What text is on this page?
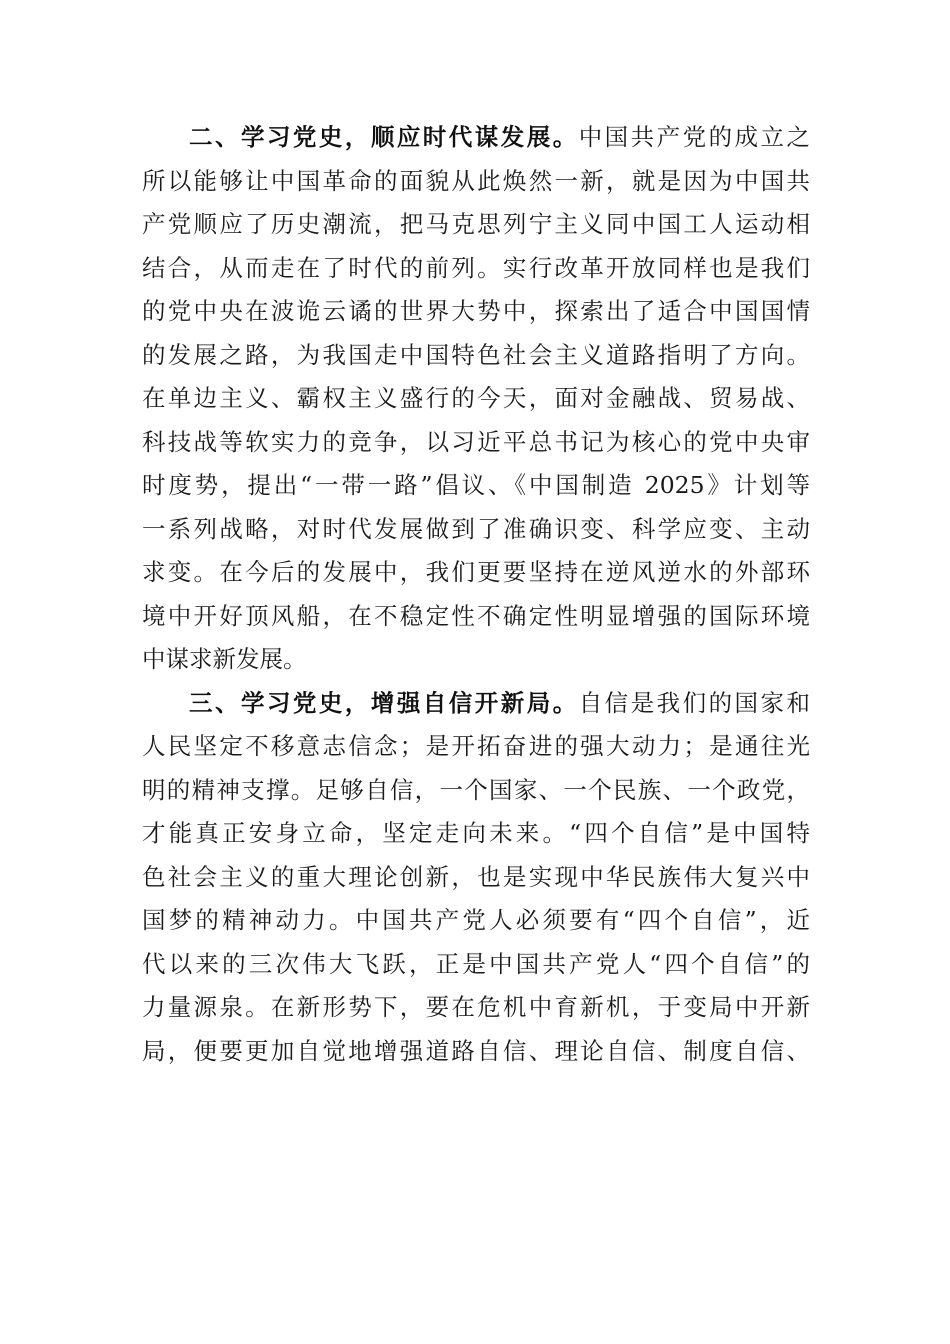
二、学习党史，顺应时代谋发展。中国共产党的成立之
所以能够让中国革命的面貌从此焕然一新，就是因为中国共
产党顺应了历史潮流，把马克思列宁主义同中国工人运动相
结合，从而走在了时代的前列。实行改革开放同样也是我们
的党中央在波诡云谲的世界大势中，探索出了适合中国国情
的发展之路，为我国走中国特色社会主义道路指明了方向。
在单边主义、霸权主义盛行的今天，面对金融战、贸易战、
科技战等软实力的竞争，以习近平总书记为核心的党中央审
时度势，提出“一带一路”倡议、《中国制造 2025》计划等
一系列战略，对时代发展做到了准确识变、科学应变、主动
求变。在今后的发展中，我们更要坚持在逆风逆水的外部环
境中开好顶风船，在不稳定性不确定性明显增强的国际环境
中谋求新发展。
三、学习党史，增强自信开新局。自信是我们的国家和
人民坚定不移意志信念；是开拓奋进的强大动力；是通往光
明的精神支撑。足够自信，一个国家、一个民族、一个政党，
才能真正安身立命，坚定走向未来。“四个自信”是中国特
色社会主义的重大理论创新，也是实现中华民族伟大复兴中
国梦的精神动力。中国共产党人必须要有“四个自信”，近
代以来的三次伟大飞跃，正是中国共产党人“四个自信”的
力量源泉。在新形势下，要在危机中育新机，于变局中开新
局，便要更加自觉地增强道路自信、理论自信、制度自信、
